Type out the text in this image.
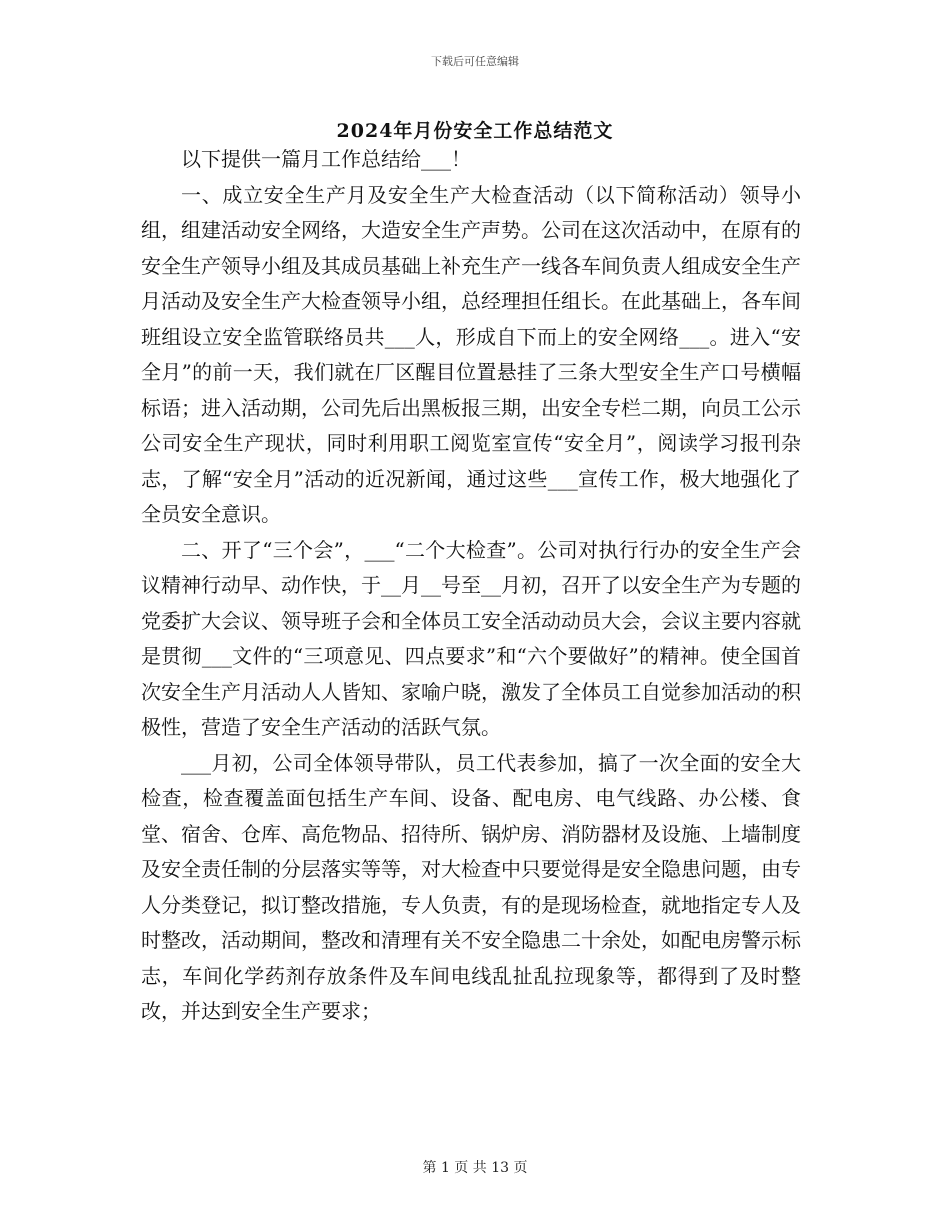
下载后可任意编辑
2024年月份安全工作总结范文

以下提供一篇月工作总结给___！

一、成立安全生产月及安全生产大检查活动（以下简称活动）领导小组，组建活动安全网络，大造安全生产声势。公司在这次活动中，在原有的安全生产领导小组及其成员基础上补充生产一线各车间负责人组成安全生产月活动及安全生产大检查领导小组，总经理担任组长。在此基础上，各车间班组设立安全监管联络员共___人，形成自下而上的安全网络___。进入“安全月”的前一天，我们就在厂区醒目位置悬挂了三条大型安全生产口号横幅标语；进入活动期，公司先后出黑板报三期，出安全专栏二期，向员工公示公司安全生产现状，同时利用职工阅览室宣传“安全月”，阅读学习报刊杂志，了解“安全月”活动的近况新闻，通过这些___宣传工作，极大地强化了全员安全意识。

二、开了“三个会”，___“二个大检查”。公司对执行行办的安全生产会议精神行动早、动作快，于__月__号至__月初，召开了以安全生产为专题的党委扩大会议、领导班子会和全体员工安全活动动员大会，会议主要内容就是贯彻___文件的“三项意见、四点要求”和“六个要做好”的精神。使全国首次安全生产月活动人人皆知、家喻户晓，激发了全体员工自觉参加活动的积极性，营造了安全生产活动的活跃气氛。

___月初，公司全体领导带队，员工代表参加，搞了一次全面的安全大检查，检查覆盖面包括生产车间、设备、配电房、电气线路、办公楼、食堂、宿舍、仓库、高危物品、招待所、锅炉房、消防器材及设施、上墙制度及安全责任制的分层落实等等，对大检查中只要觉得是安全隐患问题，由专人分类登记，拟订整改措施，专人负责，有的是现场检查，就地指定专人及时整改，活动期间，整改和清理有关不安全隐患二十余处，如配电房警示标志，车间化学药剂存放条件及车间电线乱扯乱拉现象等，都得到了及时整改，并达到安全生产要求；

第 1 页 共 13 页
